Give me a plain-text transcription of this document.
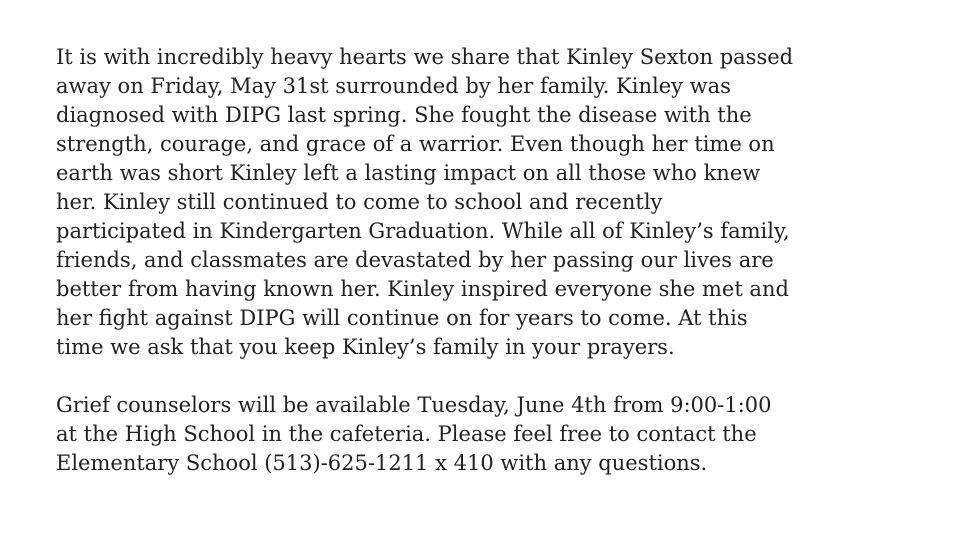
It is with incredibly heavy hearts we share that Kinley Sexton passed
away on Friday, May 31st surrounded by her family. Kinley was
diagnosed with DIPG last spring. She fought the disease with the
strength, courage, and grace of a warrior. Even though her time on
earth was short Kinley left a lasting impact on all those who knew
her. Kinley still continued to come to school and recently
participated in Kindergarten Graduation. While all of Kinley’s family,
friends, and classmates are devastated by her passing our lives are
better from having known her. Kinley inspired everyone she met and
her fight against DIPG will continue on for years to come. At this
time we ask that you keep Kinley’s family in your prayers.

Grief counselors will be available Tuesday, June 4th from 9:00-1:00
at the High School in the cafeteria. Please feel free to contact the
Elementary School (513)-625-1211 x 410 with any questions.
